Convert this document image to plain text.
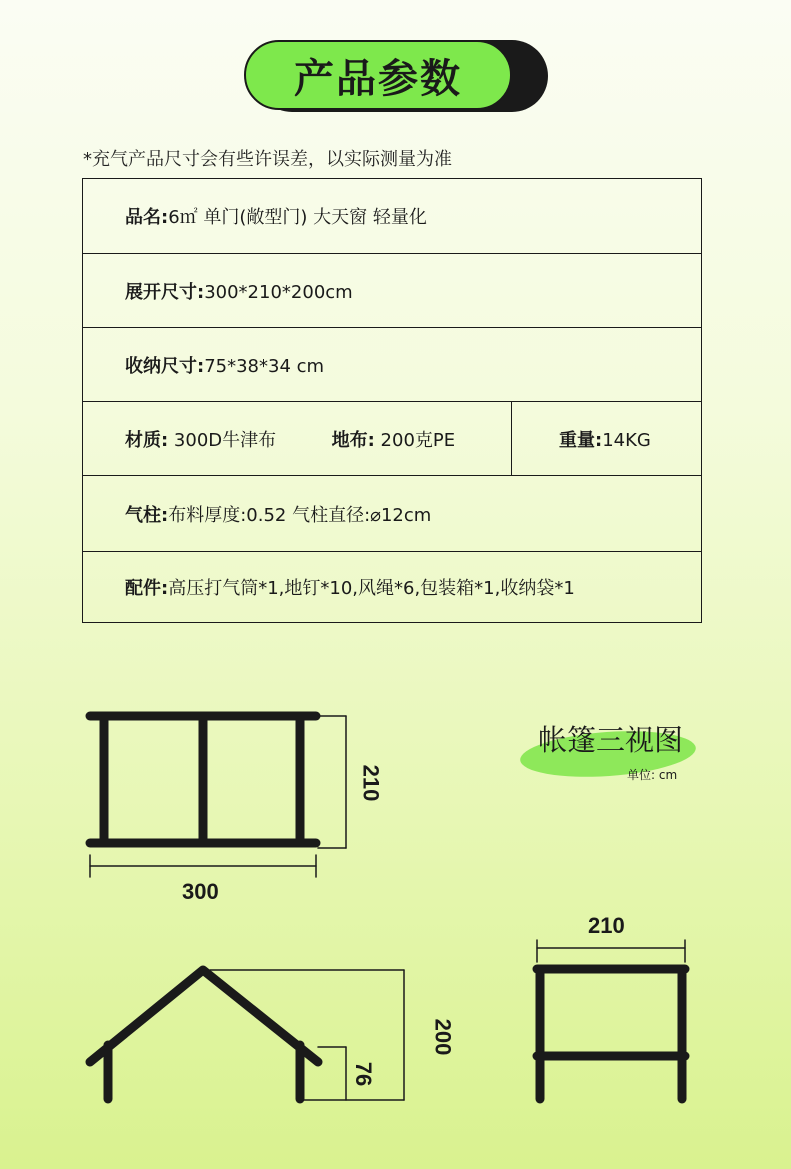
产品参数
*充气产品尺寸会有些许误差，以实际测量为准
品名:6㎡ 单门(敞型门) 大天窗 轻量化
展开尺寸:300*210*200cm
收纳尺寸:75*38*34 cm
材质: 300D牛津布	地布: 200克PE	重量:14KG
气柱:布料厚度:0.52 气柱直径:⌀12cm
配件:高压打气筒*1,地钉*10,风绳*6,包装箱*1,收纳袋*1
300
210
200
76
210
帐篷三视图
单位: cm
